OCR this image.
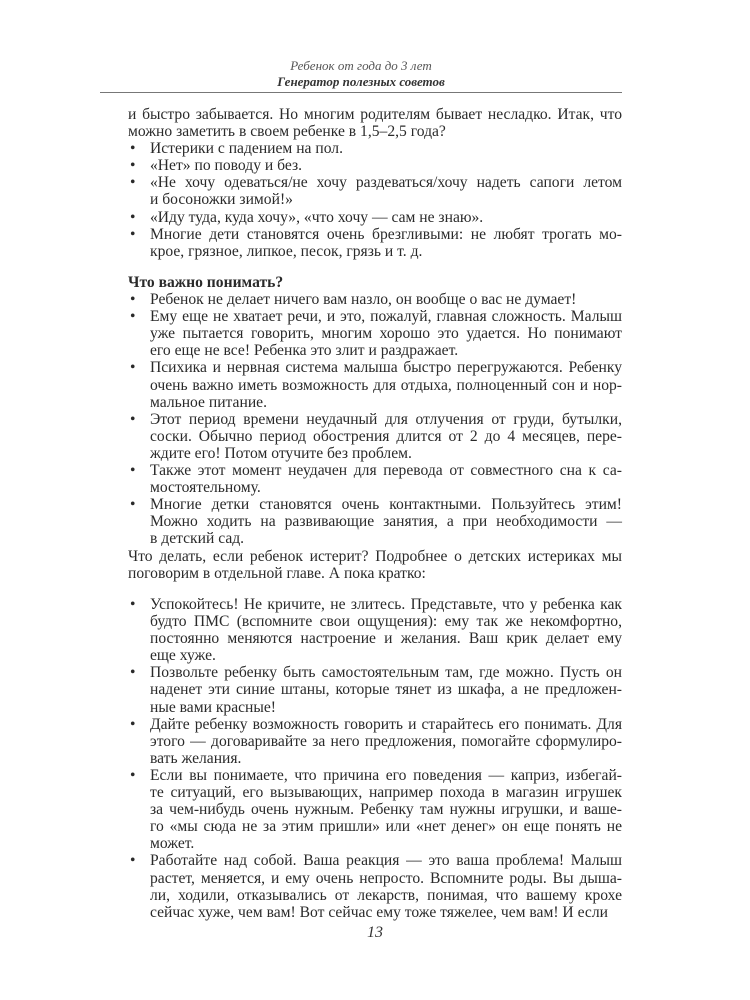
Ребенок от года до 3 лет
Генератор полезных советов
и быстро забывается. Но многим родителям бывает несладко. Итак, что
можно заметить в своем ребенке в 1,5–2,5 года?
• Истерики с падением на пол.
• «Нет» по поводу и без.
• «Не хочу одеваться/не хочу раздеваться/хочу надеть сапоги летом
и босоножки зимой!»
• «Иду туда, куда хочу», «что хочу — сам не знаю».
• Многие дети становятся очень брезгливыми: не любят трогать мо-
крое, грязное, липкое, песок, грязь и т. д.
Что важно понимать?
• Ребенок не делает ничего вам назло, он вообще о вас не думает!
• Ему еще не хватает речи, и это, пожалуй, главная сложность. Малыш
уже пытается говорить, многим хорошо это удается. Но понимают
его еще не все! Ребенка это злит и раздражает.
• Психика и нервная система малыша быстро перегружаются. Ребенку
очень важно иметь возможность для отдыха, полноценный сон и нор-
мальное питание.
• Этот период времени неудачный для отлучения от груди, бутылки,
соски. Обычно период обострения длится от 2 до 4 месяцев, пере-
ждите его! Потом отучите без проблем.
• Также этот момент неудачен для перевода от совместного сна к са-
мостоятельному.
• Многие детки становятся очень контактными. Пользуйтесь этим!
Можно ходить на развивающие занятия, а при необходимости —
в детский сад.
Что делать, если ребенок истерит? Подробнее о детских истериках мы
поговорим в отдельной главе. А пока кратко:
• Успокойтесь! Не кричите, не злитесь. Представьте, что у ребенка как
будто ПМС (вспомните свои ощущения): ему так же некомфортно,
постоянно меняются настроение и желания. Ваш крик делает ему
еще хуже.
• Позвольте ребенку быть самостоятельным там, где можно. Пусть он
наденет эти синие штаны, которые тянет из шкафа, а не предложен-
ные вами красные!
• Дайте ребенку возможность говорить и старайтесь его понимать. Для
этого — договаривайте за него предложения, помогайте сформулиро-
вать желания.
• Если вы понимаете, что причина его поведения — каприз, избегай-
те ситуаций, его вызывающих, например похода в магазин игрушек
за чем-нибудь очень нужным. Ребенку там нужны игрушки, и ваше-
го «мы сюда не за этим пришли» или «нет денег» он еще понять не
может.
• Работайте над собой. Ваша реакция — это ваша проблема! Малыш
растет, меняется, и ему очень непросто. Вспомните роды. Вы дыша-
ли, ходили, отказывались от лекарств, понимая, что вашему крохе
сейчас хуже, чем вам! Вот сейчас ему тоже тяжелее, чем вам! И если
13
